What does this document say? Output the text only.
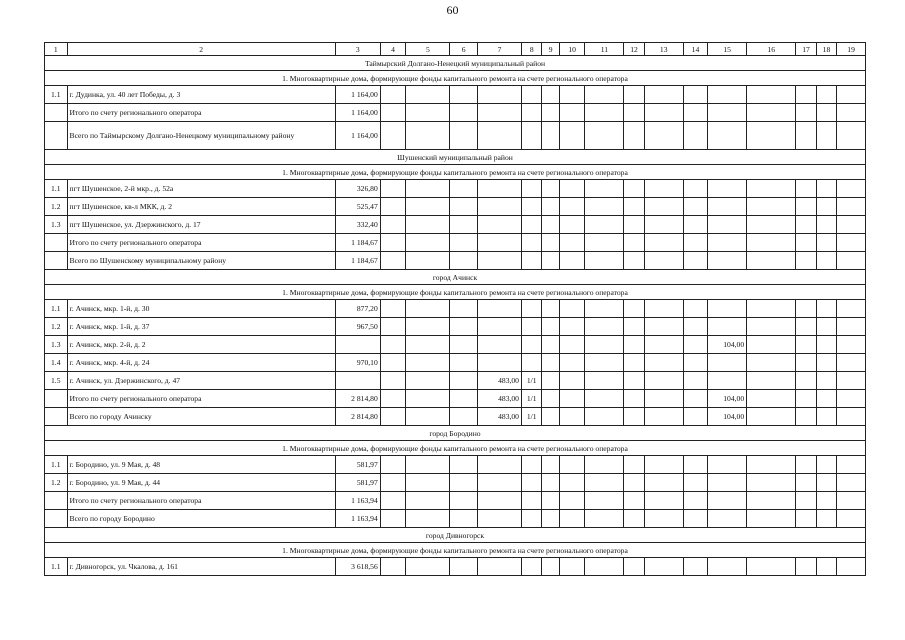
60
1	2	3	4	5	6	7	8	9	10	11	12	13	14	15	16	17	18	19
Таймырский Долгано-Ненецкий муниципальный район																		
1. Многоквартирные дома, формирующие фонды капитального ремонта на счете регионального оператора																		
1.1	г. Дудинка, ул. 40 лет Победы, д. 3	1 164,00																
	Итого по счету регионального оператора	1 164,00																
	Всего по Таймырскому Долгано-Ненецкому муниципальному району	1 164,00																
Шушенский муниципальный район																		
1. Многоквартирные дома, формирующие фонды капитального ремонта на счете регионального оператора																		
1.1	пгт Шушенское, 2-й мкр., д. 52а	326,80																
1.2	пгт Шушенское, кв-л МКК, д. 2	525,47																
1.3	пгт Шушенское, ул. Дзержинского, д. 17	332,40																
	Итого по счету регионального оператора	1 184,67																
	Всего по Шушенскому муниципальному району	1 184,67																
город Ачинск																		
1. Многоквартирные дома, формирующие фонды капитального ремонта на счете регионального оператора																		
1.1	г. Ачинск, мкр. 1-й, д. 30	877,20																
1.2	г. Ачинск, мкр. 1-й, д. 37	967,50																
1.3	г. Ачинск, мкр. 2-й, д. 2													104,00				
1.4	г. Ачинск, мкр. 4-й, д. 24	970,10																
1.5	г. Ачинск, ул. Дзержинского, д. 47					483,00	1/1											
	Итого по счету регионального оператора	2 814,80				483,00	1/1							104,00				
	Всего по городу Ачинску	2 814,80				483,00	1/1							104,00				
город Бородино																		
1. Многоквартирные дома, формирующие фонды капитального ремонта на счете регионального оператора																		
1.1	г. Бородино, ул. 9 Мая, д. 48	581,97																
1.2	г. Бородино, ул. 9 Мая, д. 44	581,97																
	Итого по счету регионального оператора	1 163,94																
	Всего по городу Бородино	1 163,94																
город Дивногорск																		
1. Многоквартирные дома, формирующие фонды капитального ремонта на счете регионального оператора																		
1.1	г. Дивногорск, ул. Чкалова, д. 161	3 618,56																
